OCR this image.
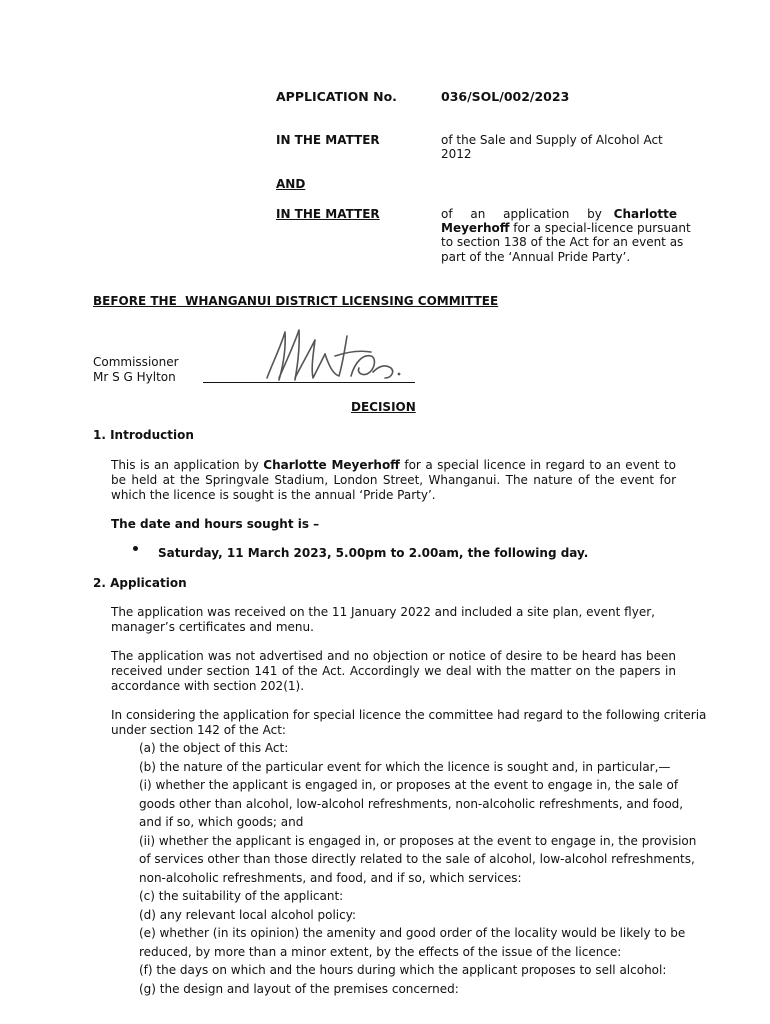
APPLICATION No.	036/SOL/002/2023
IN THE MATTER	of the Sale and Supply of Alcohol Act
2012
AND
IN THE MATTER	of an application by Charlotte
Meyerhoff for a special-licence pursuant
to section 138 of the Act for an event as
part of the ‘Annual Pride Party’.
BEFORE THE  WHANGANUI DISTRICT LICENSING COMMITTEE
Commissioner
Mr S G Hylton
DECISION
1. Introduction
This is an application by Charlotte Meyerhoff for a special licence in regard to an event to be held at the Springvale Stadium, London Street, Whanganui. The nature of the event for which the licence is sought is the annual ‘Pride Party’.
The date and hours sought is –
Saturday, 11 March 2023, 5.00pm to 2.00am, the following day.
2. Application
The application was received on the 11 January 2022 and included a site plan, event flyer, manager’s certificates and menu.
The application was not advertised and no objection or notice of desire to be heard has been received under section 141 of the Act. Accordingly we deal with the matter on the papers in accordance with section 202(1).
In considering the application for special licence the committee had regard to the following criteria
under section 142 of the Act:
(a) the object of this Act:
(b) the nature of the particular event for which the licence is sought and, in particular,—
(i) whether the applicant is engaged in, or proposes at the event to engage in, the sale of
goods other than alcohol, low-alcohol refreshments, non-alcoholic refreshments, and food,
and if so, which goods; and
(ii) whether the applicant is engaged in, or proposes at the event to engage in, the provision
of services other than those directly related to the sale of alcohol, low-alcohol refreshments,
non-alcoholic refreshments, and food, and if so, which services:
(c) the suitability of the applicant:
(d) any relevant local alcohol policy:
(e) whether (in its opinion) the amenity and good order of the locality would be likely to be
reduced, by more than a minor extent, by the effects of the issue of the licence:
(f) the days on which and the hours during which the applicant proposes to sell alcohol:
(g) the design and layout of the premises concerned:
